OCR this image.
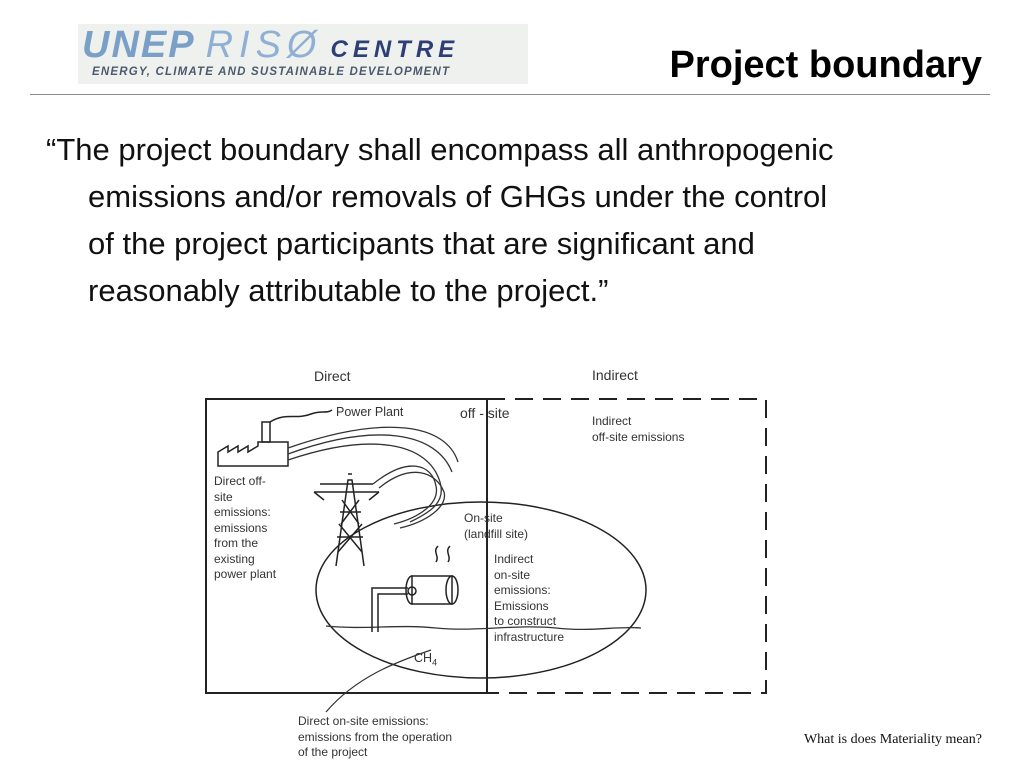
UNEP RISØ CENTRE
ENERGY, CLIMATE AND SUSTAINABLE DEVELOPMENT	Project boundary

“The project boundary shall encompass all anthropogenic emissions and/or removals of GHGs under the control of the project participants that are significant and reasonably attributable to the project.”

Direct	Indirect
Power Plant	off - site	Indirect
off-site emissions
Direct off-
site
emissions:
emissions
from the
existing
power plant
On-site
(landfill site)
Indirect
on-site
emissions:
Emissions
to construct
infrastructure
$CH_4$
Direct on-site emissions:
emissions from the operation
of the project
What is does Materiality mean?
